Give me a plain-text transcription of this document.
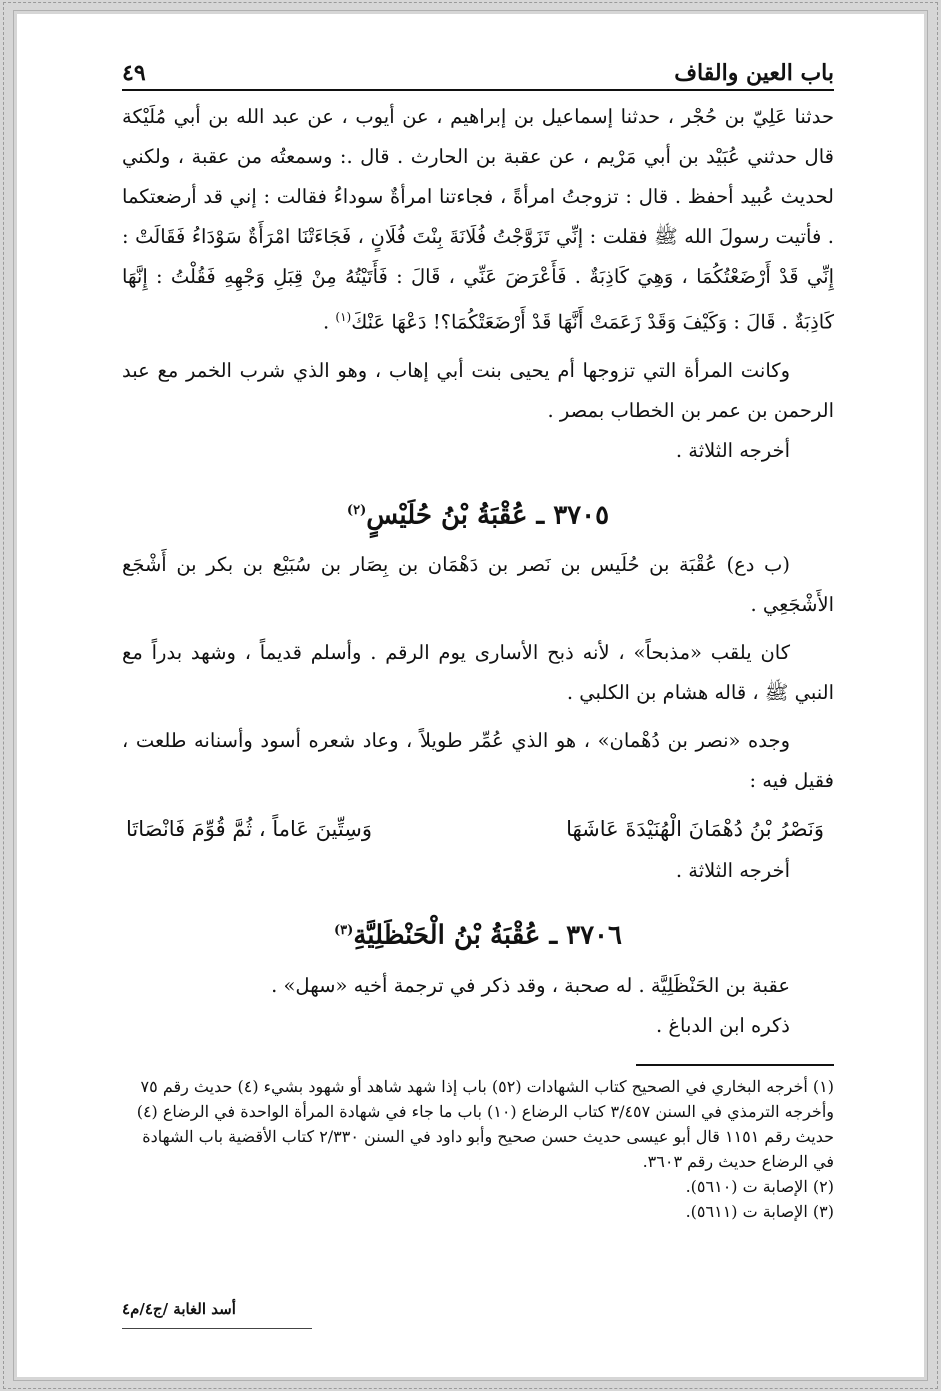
باب العين والقاف
٤٩

حدثنا عَلِيّ بن حُجْر ، حدثنا إسماعيل بن إبراهيم ، عن أيوب ، عن عبد الله بن أبي مُلَيْكة قال حدثني عُبَيْد بن أبي مَرْيم ، عن عقبة بن الحارث . قال .: وسمعتُه من عقبة ، ولكني لحديث عُبيد أحفظ . قال : تزوجتُ امرأةً ، فجاءتنا امرأةٌ سوداءُ فقالت : إني قد أرضعتكما . فأتيت رسولَ الله ﷺ فقلت : إنِّي تَزَوَّجْتُ فُلَانَةَ بِنْتَ فُلَانٍ ، فَجَاءَتْنَا امْرَأَةٌ سَوْدَاءُ فَقَالَتْ : إِنِّي قَدْ أَرْضَعْتُكُمَا ، وَهِيَ كَاذِبَةٌ . فَأَعْرَضَ عَنِّي ، قَالَ : فَأَتَيْتُهُ مِنْ قِبَلِ وَجْهِهِ فَقُلْتُ : إِنَّهَا كَاذِبَةٌ . قَالَ : وَكَيْفَ وَقَدْ زَعَمَتْ أَنَّهَا قَدْ أَرْضَعَتْكُمَا؟! دَعْهَا عَنْكَ$^{(١)}$ .

وكانت المرأة التي تزوجها أم يحيى بنت أبي إهاب ، وهو الذي شرب الخمر مع عبد الرحمن بن عمر بن الخطاب بمصر .

أخرجه الثلاثة .

٣٧٠٥ ـ عُقْبَةُ بْنُ حُلَيْسٍ$^{(٢)}$

(ب دع) عُقْبَة بن حُلَيس بن نَصر بن دَهْمَان بن بِصَار بن سُبَيْع بن بكر بن أَشْجَع الأَشْجَعِي .

كان يلقب «مذبحاً» ، لأنه ذبح الأسارى يوم الرقم . وأسلم قديماً ، وشهد بدراً مع النبي ﷺ ، قاله هشام بن الكلبي .

وجده «نصر بن دُهْمان» ، هو الذي عُمِّر طويلاً ، وعاد شعره أسود وأسنانه طلعت ، فقيل فيه :

وَنَصْرُ بْنُ دُهْمَانَ الْهُنَيْدَةَ عَاشَهَا
وَسِتِّينَ عَاماً ، ثُمَّ قُوِّمَ فَانْصَاتَا

أخرجه الثلاثة .

٣٧٠٦ ـ عُقْبَةُ بْنُ الْحَنْظَلِيَّةِ$^{(٣)}$

عقبة بن الحَنْظَلِيَّة . له صحبة ، وقد ذكر في ترجمة أخيه «سهل» .

ذكره ابن الدباغ .

(١) أخرجه البخاري في الصحيح كتاب الشهادات (٥٢) باب إذا شهد شاهد أو شهود بشيء (٤) حديث رقم ٧٥ وأخرجه الترمذي في السنن ٣/٤٥٧ كتاب الرضاع (١٠) باب ما جاء في شهادة المرأة الواحدة في الرضاع (٤) حديث رقم ١١٥١ قال أبو عيسى حديث حسن صحيح وأبو داود في السنن ٢/٣٣٠ كتاب الأقضية باب الشهادة في الرضاع حديث رقم ٣٦٠٣.

(٢) الإصابة ت (٥٦١٠).

(٣) الإصابة ت (٥٦١١).

أسد الغابة /ج٤/م٤
